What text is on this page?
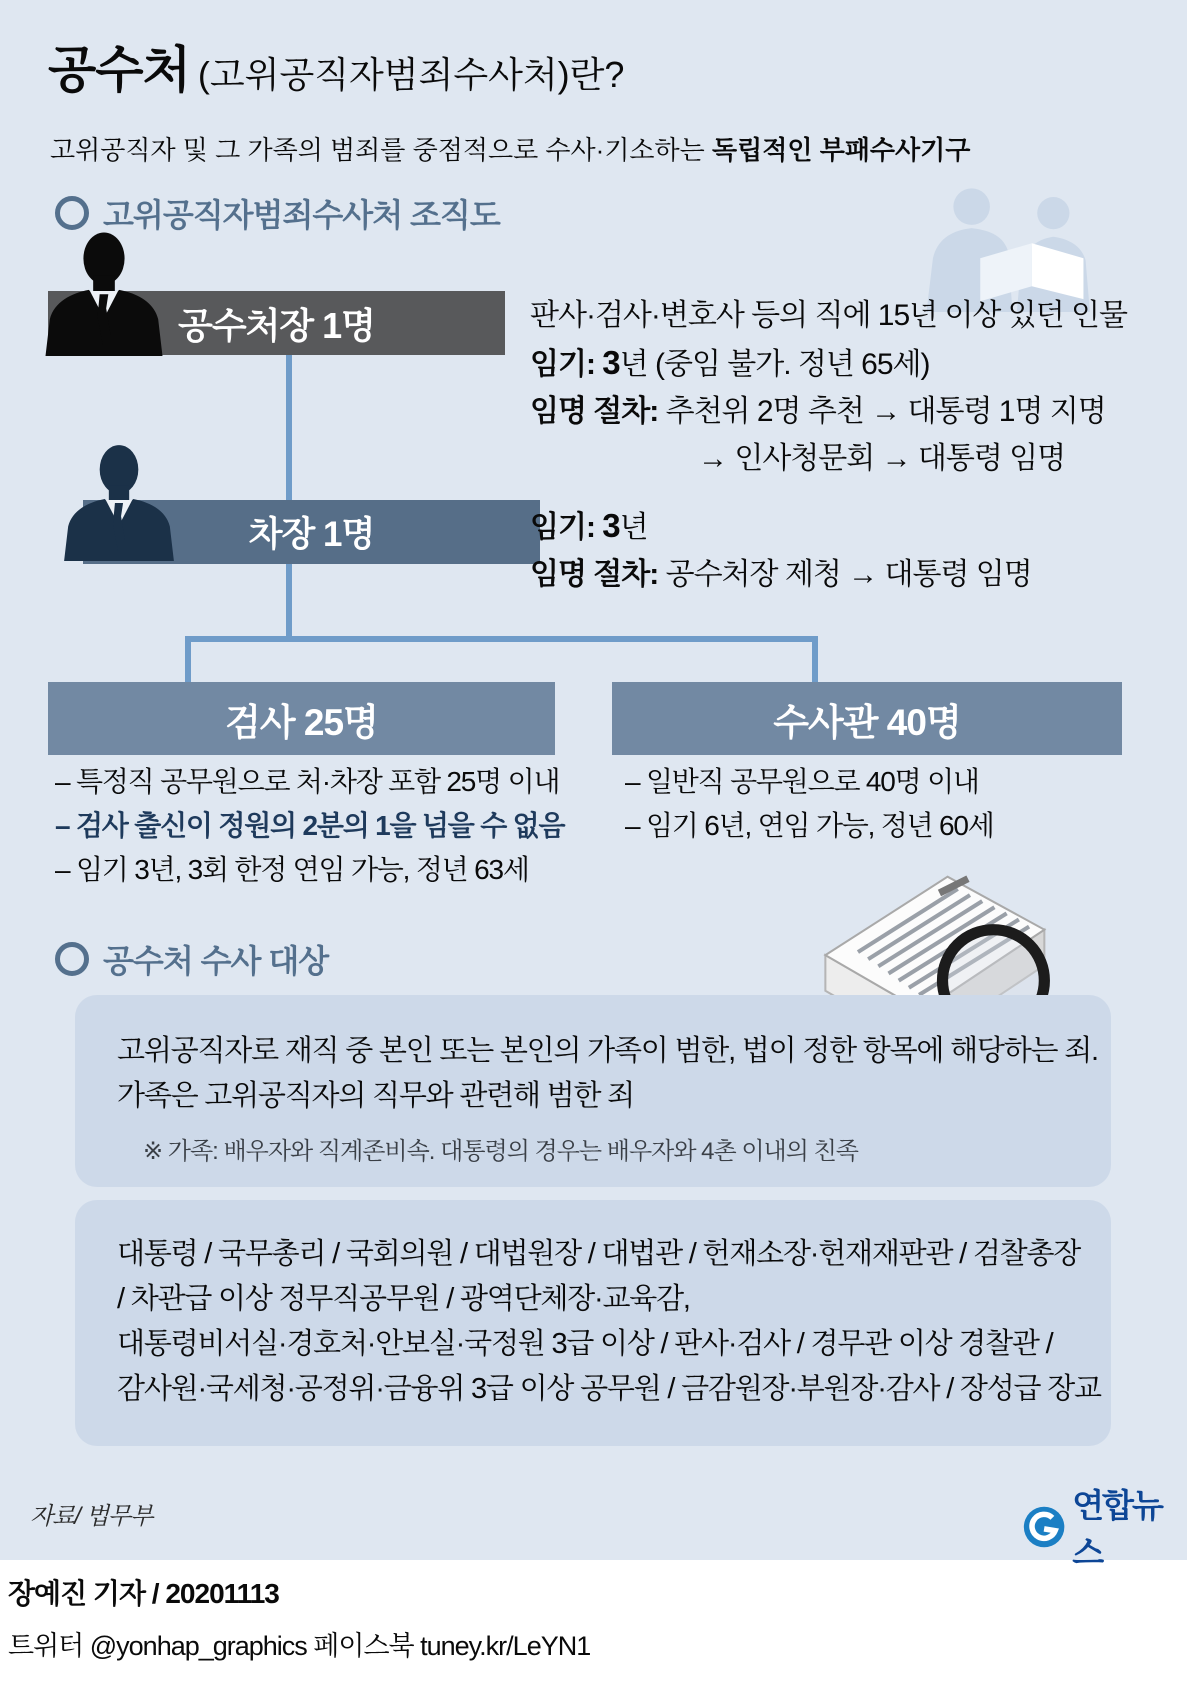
공수처 (고위공직자범죄수사처)란?

고위공직자 및 그 가족의 범죄를 중점적으로 수사·기소하는 독립적인 부패수사기구

고위공직자범죄수사처 조직도
공수처장 1명	판사·검사·변호사 등의 직에 15년 이상 있던 인물
임기: 3년 (중임 불가. 정년 65세)
임명 절차: 추천위 2명 추천 → 대통령 1명 지명
→ 인사청문회 → 대통령 임명
차장 1명	임기: 3년
임명 절차: 공수처장 제청 → 대통령 임명
검사 25명	수사관 40명
– 특정직 공무원으로 처·차장 포함 25명 이내
– 검사 출신이 정원의 2분의 1을 넘을 수 없음
– 임기 3년, 3회 한정 연임 가능, 정년 63세
– 일반직 공무원으로 40명 이내
– 임기 6년, 연임 가능, 정년 60세
공수처 수사 대상
고위공직자로 재직 중 본인 또는 본인의 가족이 범한, 법이 정한 항목에 해당하는 죄.
가족은 고위공직자의 직무와 관련해 범한 죄
※ 가족: 배우자와 직계존비속. 대통령의 경우는 배우자와 4촌 이내의 친족
대통령 / 국무총리 / 국회의원 / 대법원장 / 대법관 / 헌재소장·헌재재판관 / 검찰총장
/ 차관급 이상 정무직공무원 / 광역단체장·교육감,
대통령비서실·경호처·안보실·국정원 3급 이상 / 판사·검사 / 경무관 이상 경찰관 /
감사원·국세청·공정위·금융위 3급 이상 공무원 / 금감원장·부원장·감사 / 장성급 장교
자료/ 법무부	연합뉴스
장예진 기자 / 20201113
트위터 @yonhap_graphics 페이스북 tuney.kr/LeYN1
